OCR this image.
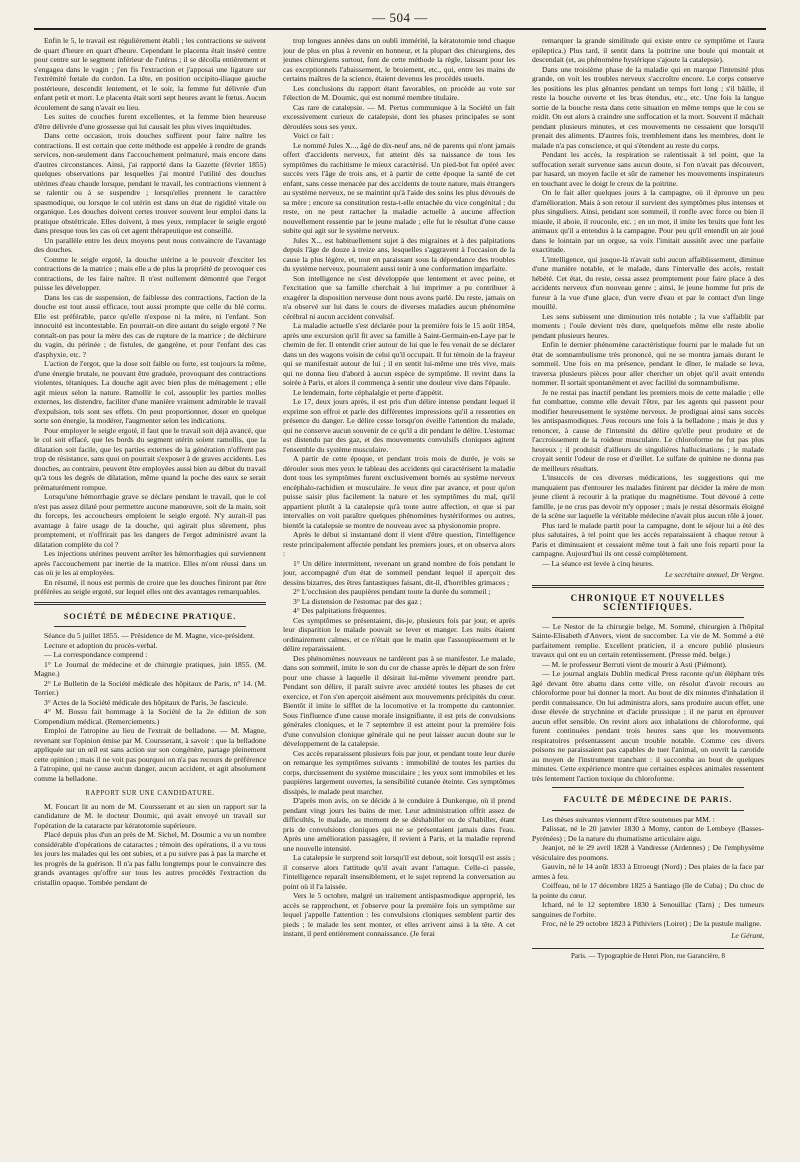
— 504 —

Enfin le 5, le travail est régulièrement établi ; les contractions se suivent de quart d'heure en quart d'heure. Cependant le placenta était inséré centre pour centre sur le segment inférieur de l'utérus ; il se décolla entièrement et s'engagea dans le vagin ; j'en fis l'extraction et j'apposai une ligature sur l'extrémité fœtale du cordon. La tête, en position occipito-iliaque gauche postérieure, descendit lentement, et le soir, la femme fut délivrée d'un enfant petit et mort. Le placenta était sorti sept heures avant le fœtus. Aucun écoulement de sang n'avait eu lieu.

Les suites de couches furent excellentes, et la femme bien heureuse d'être délivrée d'une grossesse qui lui causait les plus vives inquiétudes.

Dans cette occasion, trois douches suffirent pour faire naître les contractions. Il est certain que cette méthode est appelée à rendre de grands services, non-seulement dans l'accouchement prématuré, mais encore dans d'autres circonstances. Ainsi, j'ai rapporté dans la Gazette (février 1855) quelques observations par lesquelles j'ai montré l'utilité des douches utérines d'eau chaude lorsque, pendant le travail, les contractions viennent à se ralentir ou à se suspendre ; lorsqu'elles prennent le caractère spasmodique, ou lorsque le col utérin est dans un état de rigidité vitale ou organique. Les douches doivent certes trouver souvent leur emploi dans la pratique obstétricale. Elles doivent, à mes yeux, remplacer le seigle ergoté dans presque tous les cas où cet agent thérapeutique est conseillé.

Un parallèle entre les deux moyens peut nous convaincre de l'avantage des douches.

Comme le seigle ergoté, la douche utérine a le pouvoir d'exciter les contractions de la matrice ; mais elle a de plus la propriété de provoquer ces contractions, de les faire naître. Il n'est nullement démontré que l'ergot puisse les développer.

Dans les cas de suspension, de faiblesse des contractions, l'action de la douche est tout aussi efficace, tout aussi prompte que celle du blé cornu. Elle est préférable, parce qu'elle n'expose ni la mère, ni l'enfant. Son innocuité est incontestable. En pourrait-on dire autant du seigle ergoté ? Ne connaît-on pas pour la mère des cas de rupture de la matrice ; de déchirure du vagin, du périnée ; de fistules, de gangrène, et pour l'enfant des cas d'asphyxie, etc. ?

L'action de l'ergot, que la dose soit faible ou forte, est toujours la même, d'une énergie brutale, ne pouvant être graduée, provoquant des contractions violentes, tétaniques. La douche agit avec bien plus de ménagement ; elle agit mieux selon la nature. Ramollir le col, assouplir les parties molles externes, les distendre, faciliter d'une manière vraiment admirable le travail d'expulsion, tels sont ses effets. On peut proportionner, doser en quelque sorte son énergie, la modérer, l'augmenter selon les indications.

Pour employer le seigle ergoté, il faut que le travail soit déjà avancé, que le col soit effacé, que les bords du segment utérin soient ramollis, que la dilatation soit facile, que les parties externes de la génération n'offrent pas trop de résistance, sans quoi on pourrait s'exposer à de graves accidents. Les douches, au contraire, peuvent être employées aussi bien au début du travail qu'à tous les degrés de dilatation, même quand la poche des eaux se serait prématurément rompue.

Lorsqu'une hémorrhagie grave se déclare pendant le travail, que le col n'est pas assez dilaté pour permettre aucune manœuvre, soit de la main, soit du forceps, les accoucheurs emploient le seigle ergoté. N'y aurait-il pas avantage à faire usage de la douche, qui agirait plus sûrement, plus promptement, et n'offrirait pas les dangers de l'ergot administré avant la dilatation complète du col ?

Les injections utérines peuvent arrêter les hémorrhagies qui surviennent après l'accouchement par inertie de la matrice. Elles m'ont réussi dans un cas où je les ai employées.

En résumé, il nous est permis de croire que les douches finiront par être préférées au seigle ergoté, sur lequel elles ont des avantages remarquables.

SOCIÉTÉ DE MÉDECINE PRATIQUE.

Séance du 5 juillet 1855. — Présidence de M. Magne, vice-président.

Lecture et adoption du procès-verbal.

— La correspondance comprend :

1° Le Journal de médecine et de chirurgie pratiques, juin 1855. (M. Magne.)

2° Le Bulletin de la Société médicale des hôpitaux de Paris, n° 14. (M. Terrier.)

3° Actes de la Société médicale des hôpitaux de Paris, 3e fascicule.

4° M. Bossu fait hommage à la Société de la 2e édition de son Compendium médical. (Remerciements.)

Emploi de l'atropine au lieu de l'extrait de belladone. — M. Magne, revenant sur l'opinion émise par M. Coursserant, à savoir : que la belladone appliquée sur un œil est sans action sur son congénère, partage pleinement cette opinion ; mais il ne voit pas pourquoi on n'a pas recours de préférence à l'atropine, qui ne cause aucun danger, aucun accident, et agit absolument comme la belladone.

RAPPORT SUR UNE CANDIDATURE.

M. Foucart lit au nom de M. Coursserant et au sien un rapport sur la candidature de M. le docteur Doumic, qui avait envoyé un travail sur l'opération de la cataracte par kératotomie supérieure.

Placé depuis plus d'un an près de M. Sichel, M. Doumic a vu un nombre considérable d'opérations de cataractes ; témoin des opérations, il a vu tous les jours les malades qui les ont subies, et a pu suivre pas à pas la marche et les progrès de la guérison. Il n'a pas fallu longtemps pour le convaincre des grands avantages qu'offre sur tous les autres procédés l'extraction du cristallin opaque. Tombée pendant de

trop longues années dans un oubli immérité, la kératotomie tend chaque jour de plus en plus à revenir en honneur, et la plupart des chirurgiens, des jeunes chirurgiens surtout, font de cette méthode la règle, laissant pour les cas exceptionnels l'abaissement, le broiement, etc., qui, entre les mains de certains maîtres de la science, étaient devenus les procédés usuels.

Les conclusions du rapport étant favorables, on procède au vote sur l'élection de M. Doumic, qui est nommé membre titulaire.

Cas rare de catalepsie. — M. Pertus communique à la Société un fait excessivement curieux de catalepsie, dont les phases principales se sont déroulées sous ses yeux.

Voici ce fait :

Le nommé Jules X..., âgé de dix-neuf ans, né de parents qui n'ont jamais offert d'accidents nerveux, fut atteint dès sa naissance de tous les symptômes du rachitisme le mieux caractérisé. Un pied-bot fut opéré avec succès vers l'âge de trois ans, et à partir de cette époque la santé de cet enfant, sans cesse menacée par des accidents de toute nature, mais étrangers au système nerveux, ne se maintint qu'à l'aide des soins les plus dévoués de sa mère ; encore sa constitution resta-t-elle entachée du vice congénital ; du reste, on ne peut rattacher la maladie actuelle à aucune affection nouvellement ressentie par le jeune malade ; elle fut le résultat d'une cause subite qui agit sur le système nerveux.

Jules X... est habituellement sujet à des migraines et à des palpitations depuis l'âge de douze à treize ans, lesquelles s'aggravent à l'occasion de la cause la plus légère, et, tout en paraissant sous la dépendance des troubles du système nerveux, pourraient aussi tenir à une conformation imparfaite.

Son intelligence ne s'est développée que lentement et avec peine, et l'excitation que sa famille cherchait à lui imprimer a pu contribuer à exagérer la disposition nerveuse dont nous avons parlé. Du reste, jamais on n'a observé sur lui dans le cours de diverses maladies aucun phénomène cérébral ni aucun accident convulsif.

La maladie actuelle s'est déclarée pour la première fois le 15 août 1854, après une excursion qu'il fit avec sa famille à Saint-Germain-en-Laye par le chemin de fer. Il entendit crier autour de lui que le feu venait de se déclarer dans un des wagons voisin de celui qu'il occupait. Il fut témoin de la frayeur qui se manifestait autour de lui ; il en sentit lui-même une très vive, mais qui ne donna lieu d'abord à aucun espèce de symptôme. Il revint dans la soirée à Paris, et alors il commença à sentir une douleur vive dans l'épaule.

Le lendemain, forte céphalalgie et perte d'appétit.

Le 17, deux jours après, il est pris d'un délire intense pendant lequel il exprime son effroi et parle des différentes impressions qu'il a ressenties en présence du danger. Le délire cesse lorsqu'on éveille l'attention du malade, qui ne conserve aucun souvenir de ce qu'il a dit pendant le délire. L'estomac est distendu par des gaz, et des mouvements convulsifs cloniques agitent l'ensemble du système musculaire.

A partir de cette époque, et pendant trois mois de durée, je vois se dérouler sous mes yeux le tableau des accidents qui caractérisent la maladie dont tous les symptômes furent exclusivement bornés au système nerveux encéphalo-rachidien et musculaire. Je veux dire par avance, et pour qu'on puisse saisir plus facilement la nature et les symptômes du mal, qu'il appartient plutôt à la catalepsie qu'à toute autre affection, et que si par intervalles on voit paraître quelques phénomènes hystériformes ou autres, bientôt la catalepsie se montre de nouveau avec sa physionomie propre.

Après le début si instantané dont il vient d'être question, l'intelligence reste principalement affectée pendant les premiers jours, et on observa alors :

1° Un délire intermittent, revenant un grand nombre de fois pendant le jour, accompagné d'un état de sommeil pendant lequel il aperçoit des dessins bizarres, des êtres fantastiques faisant, dit-il, d'horribles grimaces ;

2° L'occlusion des paupières pendant toute la durée du sommeil ;

3° La distension de l'estomac par des gaz ;

4° Des palpitations fréquentes.

Ces symptômes se présentaient, dis-je, plusieurs fois par jour, et après leur disparition le malade pouvait se lever et manger. Les nuits étaient ordinairement calmes, et ce n'était que le matin que l'assoupissement et le délire reparaissaient.

Des phénomènes nouveaux ne tardèrent pas à se manifester. Le malade, dans son sommeil, imite le son du cor de chasse après le départ de son frère pour une chasse à laquelle il désirait lui-même vivement prendre part. Pendant son délire, il paraît suivre avec anxiété toutes les phases de cet exercice, et l'on s'en aperçoit aisément aux mouvements précipités du cœur. Bientôt il imite le sifflet de la locomotive et la trompette du cantonnier. Sous l'influence d'une cause morale insignifiante, il est pris de convulsions générales cloniques, et le 7 septembre il est atteint pour la première fois d'une convulsion clonique générale qui ne peut laisser aucun doute sur le développement de la catalepsie.

Ces accès reparaissent plusieurs fois par jour, et pendant toute leur durée on remarque les symptômes suivants : immobilité de toutes les parties du corps, durcissement du système musculaire ; les yeux sont immobiles et les paupières largement ouvertes, la sensibilité cutanée éteinte. Ces symptômes dissipés, le malade peut marcher.

D'après mon avis, on se décide à le conduire à Dunkerque, où il prend pendant vingt jours les bains de mer. Leur administration offrit assez de difficultés, le malade, au moment de se déshabiller ou de s'habiller, étant pris de convulsions cloniques qui ne se présentaient jamais dans l'eau. Après une amélioration passagère, il revient à Paris, et la maladie reprend une nouvelle intensité.

La catalepsie le surprend soit lorsqu'il est debout, soit lorsqu'il est assis ; il conserve alors l'attitude qu'il avait avant l'attaque. Celle-ci passée, l'intelligence reparaît insensiblement, et le sujet reprend la conversation au point où il l'a laissée.

Vers le 5 octobre, malgré un traitement antispasmodique approprié, les accès se rapprochent, et j'observe pour la première fois un symptôme sur lequel j'appelle l'attention : les convulsions cloniques semblent partir des pieds ; le malade les sent monter, et elles arrivent ainsi à la tête. A cet instant, il perd entièrement connaissance. (Je ferai

remarquer la grande similitude qui existe entre ce symptôme et l'aura epileptica.) Plus tard, il sentit dans la poitrine une boule qui montait et descendait (et, au phénomène hystérique s'ajoute la catalepsie).

Dans une troisième phase de la maladie qui en marque l'intensité plus grande, on voit les troubles nerveux s'accroître encore. Le corps conserve les positions les plus gênantes pendant un temps fort long ; s'il bâille, il reste la bouche ouverte et les bras étendus, etc., etc. Une fois la langue sortie de la bouche resta dans cette situation en même temps que le cou se roidit. On eut alors à craindre une suffocation et la mort. Souvent il mâchait pendant plusieurs minutes, et ces mouvements ne cessaient que lorsqu'il prenait des aliments. D'autres fois, tremblement dans les membres, dont le malade n'a pas conscience, et qui s'étendent au reste du corps.

Pendant les accès, la respiration se ralentissait à tel point, que la suffocation serait survenue sans aucun doute, si l'on n'avait pas découvert, par hasard, un moyen facile et sûr de ramener les mouvements inspirateurs en touchant avec le doigt le creux de la poitrine.

On le fait aller quelques jours à la campagne, où il éprouve un peu d'amélioration. Mais à son retour il survient des symptômes plus intenses et plus singuliers. Ainsi, pendant son sommeil, il ronfle avec force ou bien il miaule, il aboie, il roucoule, etc. ; en un mot, il imite les bruits que font les animaux qu'il a entendus à la campagne. Pour peu qu'il entendît un air joué dans le lointain par un orgue, sa voix l'imitait aussitôt avec une parfaite exactitude.

L'intelligence, qui jusque-là n'avait subi aucun affaiblissement, diminue d'une manière notable, et le malade, dans l'intervalle des accès, restait hébété. Cet état, du reste, cessa assez promptement pour faire place à des accidents nerveux d'un nouveau genre ; ainsi, le jeune homme fut pris de fureur à la vue d'une glace, d'un verre d'eau et par le contact d'un linge mouillé.

Les sens subissent une diminution très notable ; la vue s'affaiblit par moments ; l'ouïe devient très dure, quelquefois même elle reste abolie pendant plusieurs heures.

Enfin le dernier phénomène caractéristique fourni par le malade fut un état de somnambulisme très prononcé, qui ne se montra jamais durant le sommeil. Une fois en ma présence, pendant le dîner, le malade se leva, traversa plusieurs pièces pour aller chercher un objet qu'il avait entendu nommer. Il sortait spontanément et avec facilité du somnambulisme.

Je ne restai pas inactif pendant les premiers mois de cette maladie ; elle fut combattue, comme elle devait l'être, par les agents qui passent pour modifier heureusement le système nerveux. Je prodiguai ainsi sans succès les antispasmodiques. J'eus recours une fois à la belladone ; mais je dus y renoncer, à cause de l'intensité du délire qu'elle peut produire et de l'accroissement de la roideur musculaire. Le chloroforme ne fut pas plus heureux ; il produisit d'ailleurs de singulières hallucinations ; le malade croyait sentir l'odeur de rose et d'œillet. Le sulfate de quinine ne donna pas de meilleurs résultats.

L'insuccès de ces diverses médications, les suggestions qui me manquaient pas d'entourer les malades finirent par décider la mère de mon jeune client à recourir à la pratique du magnétisme. Tout dévoué à cette famille, je ne crus pas devoir m'y opposer ; mais je restai désormais éloigné de la scène sur laquelle la véritable médecine n'avait plus aucun rôle à jouer.

Plus tard le malade partit pour la campagne, dont le séjour lui a été des plus salutaires, à tel point que les accès reparaissaient à chaque retour à Paris et diminuaient et cessaient même tout à fait une fois reparti pour la campagne. Aujourd'hui ils ont cessé complètement.

— La séance est levée à cinq heures.

Le secrétaire annuel, Dr Vergne.
CHRONIQUE ET NOUVELLES SCIENTIFIQUES.

— Le Nestor de la chirurgie belge, M. Sommé, chirurgien à l'hôpital Sainte-Elisabeth d'Anvers, vient de succomber. La vie de M. Sommé a été parfaitement remplie. Excellent praticien, il a encore publié plusieurs travaux qui ont eu un certain retentissement. (Presse méd. belge.)

— M. le professeur Berruti vient de mourir à Asti (Piémont).

— Le journal anglais Dublin medical Press raconte qu'un éléphant très âgé devant être abattu dans cette ville, on résolut d'avoir recours au chloroforme pour lui donner la mort. Au bout de dix minutes d'inhalation il perdit connaissance. On lui administra alors, sans produire aucun effet, une dose élevée de strychnine et d'acide prussique ; il ne parut en éprouver aucun effet sensible. On revint alors aux inhalations de chloroforme, qui furent continuées pendant trois heures sans que les mouvements respiratoires présentassent aucun trouble notable. Comme ces divers poisons ne paraissaient pas capables de tuer l'animal, on ouvrit la carotide au moyen de l'instrument tranchant : il succomba au bout de quelques minutes. Cette expérience montre que certaines espèces animales ressentent très lentement l'action toxique du chloroforme.

FACULTÉ DE MÉDECINE DE PARIS.

Les thèses suivantes viennent d'être soutenues par MM. :

Palissat, né le 20 janvier 1830 à Momy, canton de Lembeye (Basses-Pyrénées) ; De la nature du rhumatisme articulaire aigu.

Jeanjot, né le 29 avril 1828 à Vandresse (Ardennes) ; De l'emphysème vésiculaire des poumons.

Gauvin, né le 14 août 1833 à Etroeugt (Nord) ; Des plaies de la face par armes à feu.

Coiffeau, né le 17 décembre 1825 à Santiago (île de Cuba) ; Du choc de la pointe du cœur.

Ichard, né le 12 septembre 1830 à Senouillac (Tarn) ; Des tumeurs sanguines de l'orbite.

Froc, né le 29 octobre 1823 à Pithiviers (Loiret) ; De la pustule maligne.

Le Gérant,
Paris. — Typographie de Henri Plon, rue Garancière, 8
